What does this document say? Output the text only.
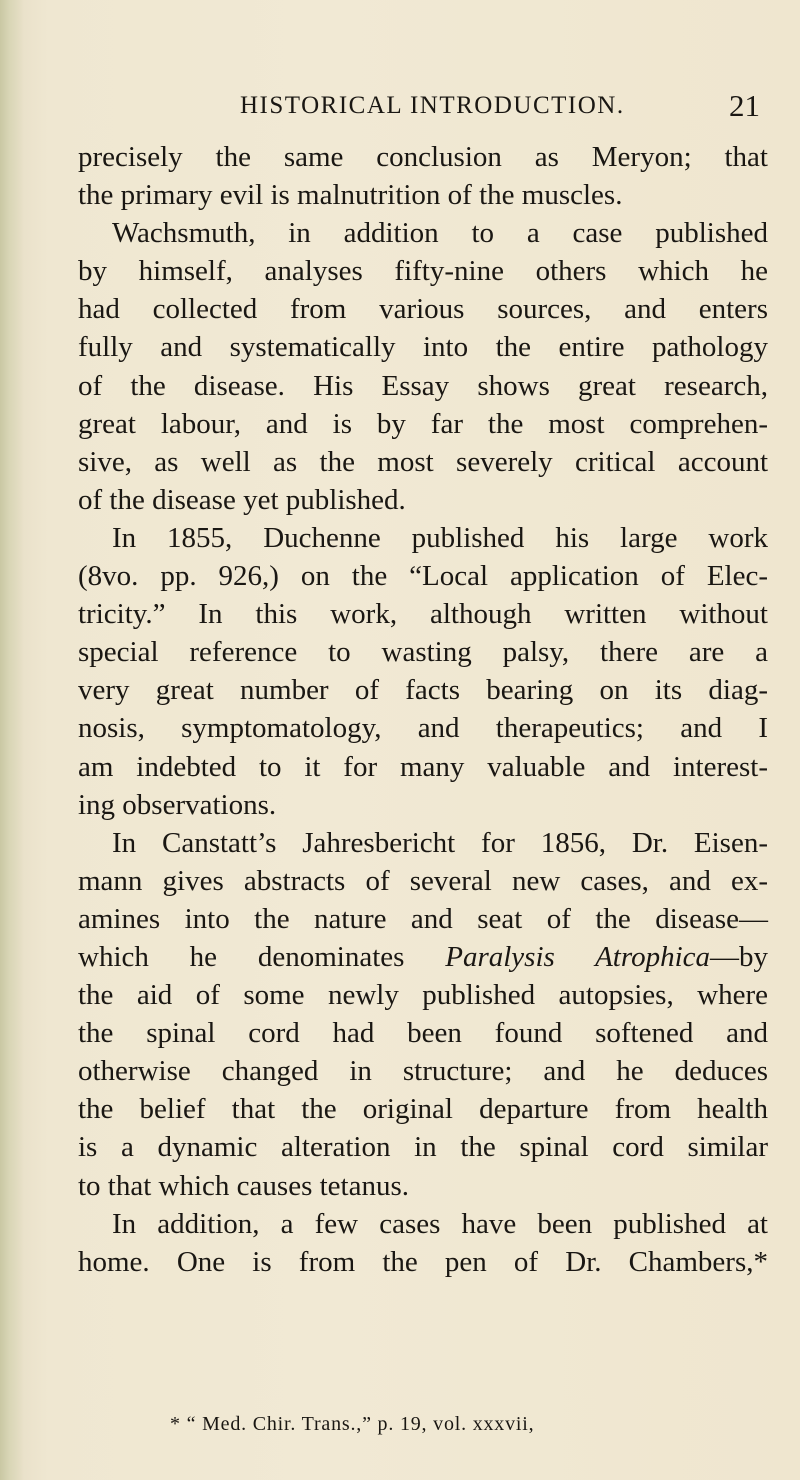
HISTORICAL INTRODUCTION.	21
precisely the same conclusion as Meryon; that
the primary evil is malnutrition of the muscles.
Wachsmuth, in addition to a case published
by himself, analyses fifty-nine others which he
had collected from various sources, and enters
fully and systematically into the entire pathology
of the disease. His Essay shows great research,
great labour, and is by far the most comprehen-
sive, as well as the most severely critical account
of the disease yet published.
In 1855, Duchenne published his large work
(8vo. pp. 926,) on the “Local application of Elec-
tricity.” In this work, although written without
special reference to wasting palsy, there are a
very great number of facts bearing on its diag-
nosis, symptomatology, and therapeutics; and I
am indebted to it for many valuable and interest-
ing observations.
In Canstatt’s Jahresbericht for 1856, Dr. Eisen-
mann gives abstracts of several new cases, and ex-
amines into the nature and seat of the disease—
which he denominates Paralysis Atrophica—by
the aid of some newly published autopsies, where
the spinal cord had been found softened and
otherwise changed in structure; and he deduces
the belief that the original departure from health
is a dynamic alteration in the spinal cord similar
to that which causes tetanus.
In addition, a few cases have been published at
home. One is from the pen of Dr. Chambers,*
* “ Med. Chir. Trans.,” p. 19, vol. xxxvii,
